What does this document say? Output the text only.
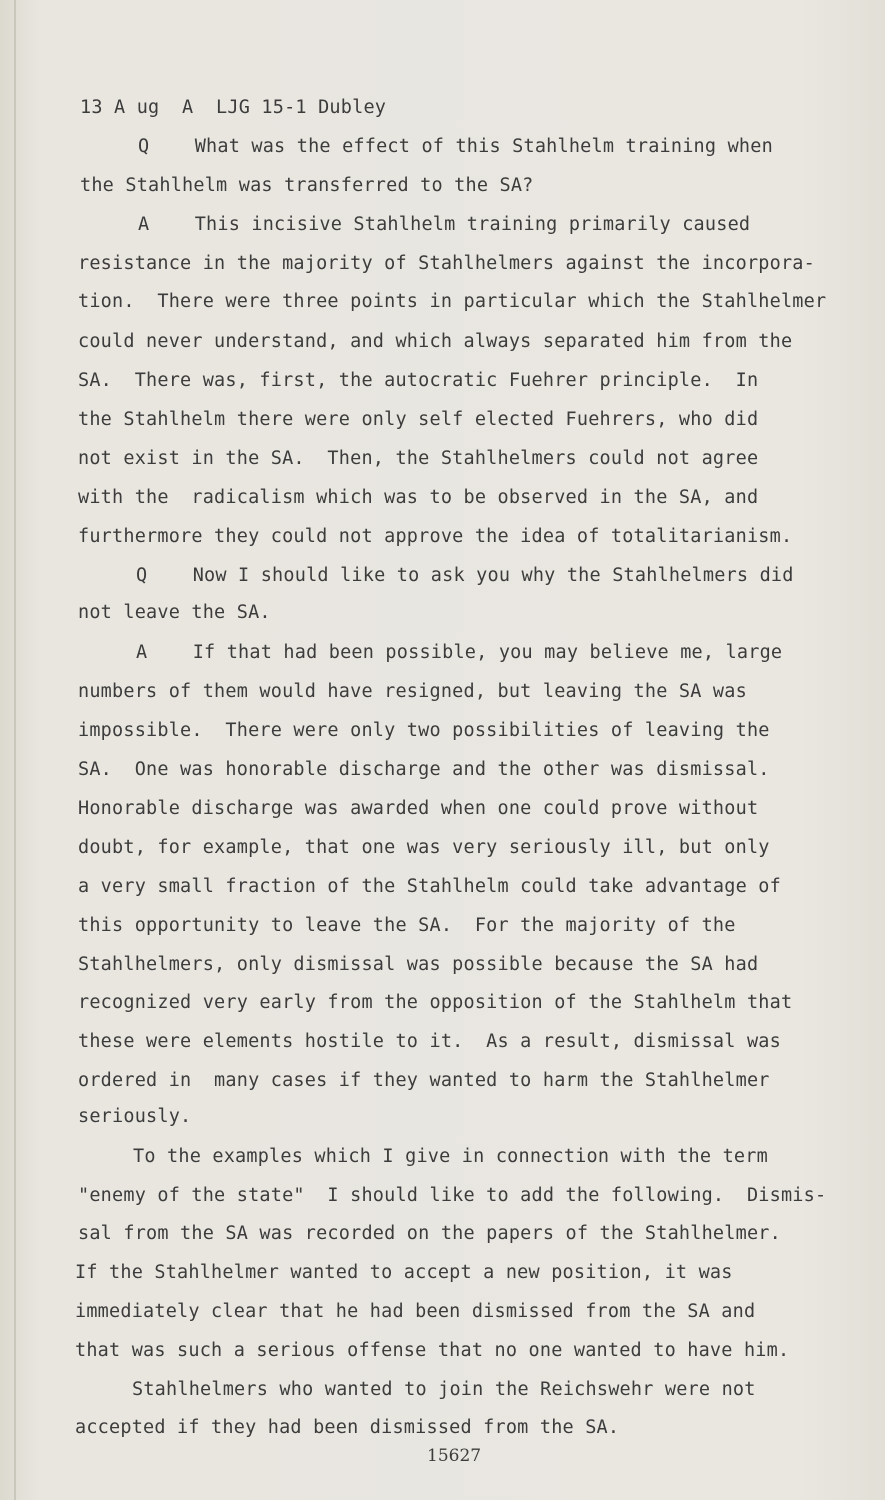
13 A ug  A  LJG 15-1 Dubley
Q    What was the effect of this Stahlhelm training when
the Stahlhelm was transferred to the SA?
A    This incisive Stahlhelm training primarily caused
resistance in the majority of Stahlhelmers against the incorpora-
tion.  There were three points in particular which the Stahlhelmer
could never understand, and which always separated him from the
SA.  There was, first, the autocratic Fuehrer principle.  In
the Stahlhelm there were only self elected Fuehrers, who did
not exist in the SA.  Then, the Stahlhelmers could not agree
with the  radicalism which was to be observed in the SA, and
furthermore they could not approve the idea of totalitarianism.
Q    Now I should like to ask you why the Stahlhelmers did
not leave the SA.
A    If that had been possible, you may believe me, large
numbers of them would have resigned, but leaving the SA was
impossible.  There were only two possibilities of leaving the
SA.  One was honorable discharge and the other was dismissal.
Honorable discharge was awarded when one could prove without
doubt, for example, that one was very seriously ill, but only
a very small fraction of the Stahlhelm could take advantage of
this opportunity to leave the SA.  For the majority of the
Stahlhelmers, only dismissal was possible because the SA had
recognized very early from the opposition of the Stahlhelm that
these were elements hostile to it.  As a result, dismissal was
ordered in  many cases if they wanted to harm the Stahlhelmer
seriously.
To the examples which I give in connection with the term
"enemy of the state"  I should like to add the following.  Dismis-
sal from the SA was recorded on the papers of the Stahlhelmer.
If the Stahlhelmer wanted to accept a new position, it was
immediately clear that he had been dismissed from the SA and
that was such a serious offense that no one wanted to have him.
Stahlhelmers who wanted to join the Reichswehr were not
accepted if they had been dismissed from the SA.
15627
